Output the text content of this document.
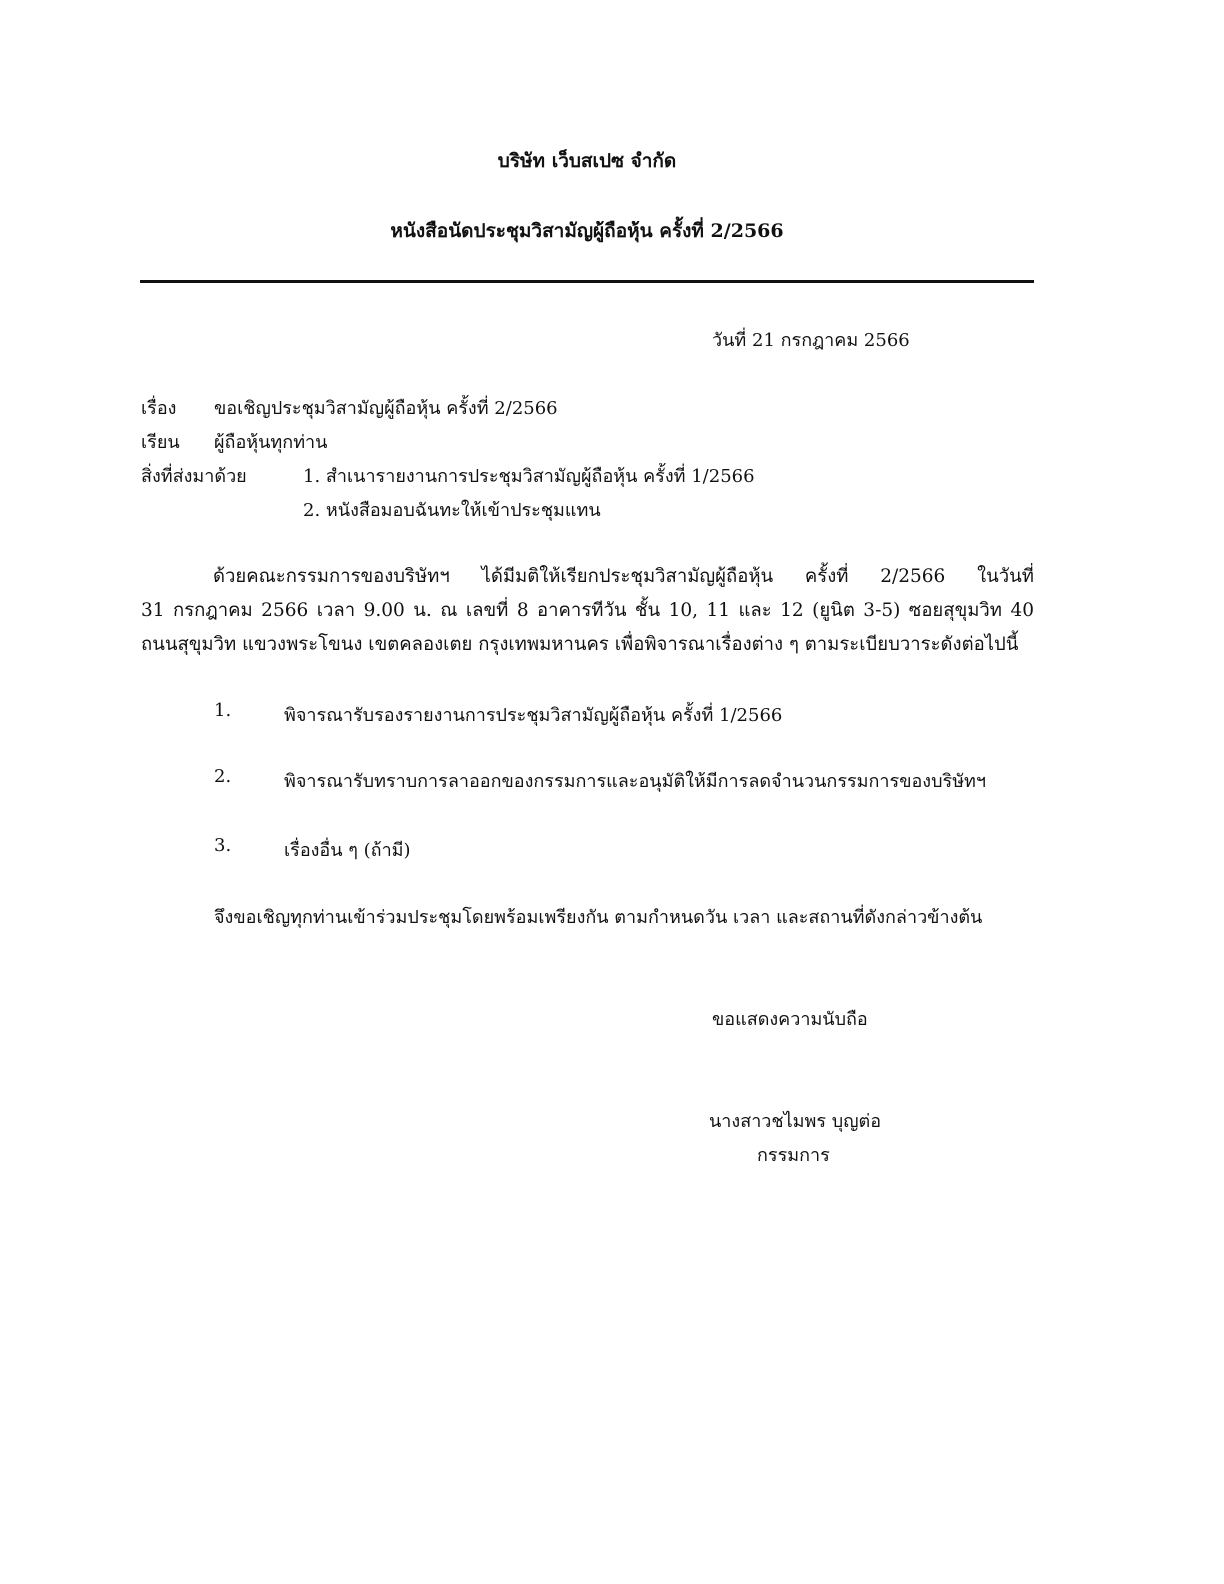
บริษัท เว็บสเปซ จำกัด
หนังสือนัดประชุมวิสามัญผู้ถือหุ้น ครั้งที่ 2/2566
วันที่ 21 กรกฎาคม 2566
เรื่อง ขอเชิญประชุมวิสามัญผู้ถือหุ้น ครั้งที่ 2/2566
เรียน ผู้ถือหุ้นทุกท่าน
สิ่งที่ส่งมาด้วย	1. สำเนารายงานการประชุมวิสามัญผู้ถือหุ้น ครั้งที่ 1/2566
2. หนังสือมอบฉันทะให้เข้าประชุมแทน
ด้วยคณะกรรมการของบริษัทฯ ได้มีมติให้เรียกประชุมวิสามัญผู้ถือหุ้น ครั้งที่ 2/2566 ในวันที่
31 กรกฎาคม 2566 เวลา 9.00 น. ณ เลขที่ 8 อาคารทีวัน ชั้น 10, 11 และ 12 (ยูนิต 3-5) ซอยสุขุมวิท 40
ถนนสุขุมวิท แขวงพระโขนง เขตคลองเตย กรุงเทพมหานคร เพื่อพิจารณาเรื่องต่าง ๆ ตามระเบียบวาระดังต่อไปนี้
1.	พิจารณารับรองรายงานการประชุมวิสามัญผู้ถือหุ้น ครั้งที่ 1/2566
2.	พิจารณารับทราบการลาออกของกรรมการและอนุมัติให้มีการลดจำนวนกรรมการของบริษัทฯ
3.	เรื่องอื่น ๆ (ถ้ามี)
จึงขอเชิญทุกท่านเข้าร่วมประชุมโดยพร้อมเพรียงกัน ตามกำหนดวัน เวลา และสถานที่ดังกล่าวข้างต้น
ขอแสดงความนับถือ
นางสาวชไมพร บุญต่อ
กรรมการ
